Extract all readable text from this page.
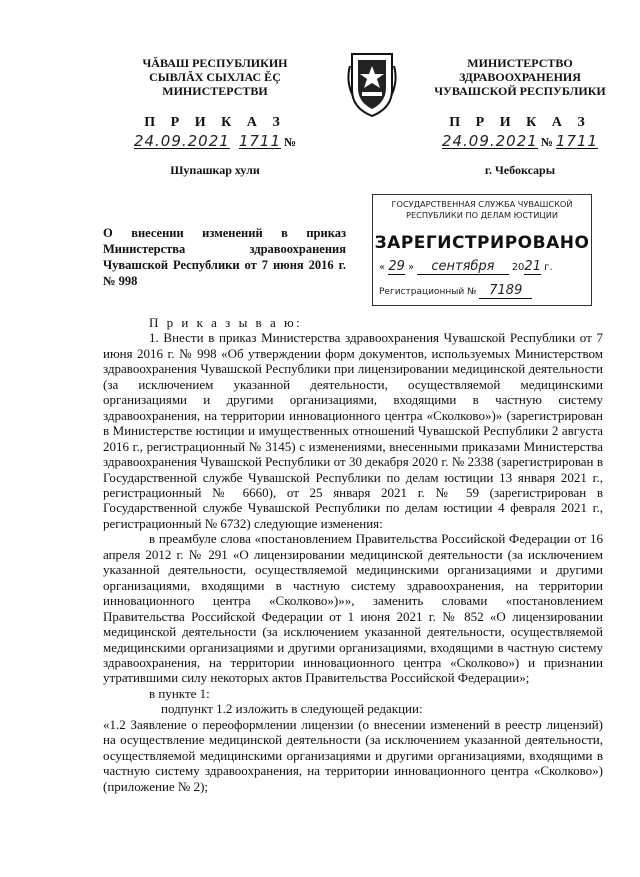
ЧĂВАШ РЕСПУБЛИКИН
СЫВЛĂХ СЫХЛАС ĔÇ
МИНИСТЕРСТВИ
П Р И К А З
24.09.2021 1711 №
Шупашкар хули
МИНИСТЕРСТВО
ЗДРАВООХРАНЕНИЯ
ЧУВАШСКОЙ РЕСПУБЛИКИ
П Р И К А З
24.09.2021 № 1711
г. Чебоксары
О внесении изменений в приказ Министерства здравоохранения Чувашской Республики от 7 июня 2016 г. № 998
ГОСУДАРСТВЕННАЯ СЛУЖБА ЧУВАШСКОЙ
РЕСПУБЛИКИ ПО ДЕЛАМ ЮСТИЦИИ
ЗАРЕГИСТРИРОВАНО
« 29 » сентября 2021 г.
Регистрационный № 7189

П р и к а з ы в а ю:

1. Внести в приказ Министерства здравоохранения Чувашской Республики от 7 июня 2016 г. № 998 «Об утверждении форм документов, используемых Министерством здравоохранения Чувашской Республики при лицензировании медицинской деятельности (за исключением указанной деятельности, осуществляемой медицинскими организациями и другими организациями, входящими в частную систему здравоохранения, на территории инновационного центра «Сколково»)» (зарегистрирован в Министерстве юстиции и имущественных отношений Чувашской Республики 2 августа 2016 г., регистрационный № 3145) с изменениями, внесенными приказами Министерства здравоохранения Чувашской Республики от 30 декабря 2020 г. № 2338 (зарегистрирован в Государственной службе Чувашской Республики по делам юстиции 13 января 2021 г., регистрационный № 6660), от 25 января 2021 г. № 59 (зарегистрирован в Государственной службе Чувашской Республики по делам юстиции 4 февраля 2021 г., регистрационный № 6732) следующие изменения:

в преамбуле слова «постановлением Правительства Российской Федерации от 16 апреля 2012 г. № 291 «О лицензировании медицинской деятельности (за исключением указанной деятельности, осуществляемой медицинскими организациями и другими организациями, входящими в частную систему здравоохранения, на территории инновационного центра «Сколково»)»», заменить словами «постановлением Правительства Российской Федерации от 1 июня 2021 г. № 852 «О лицензировании медицинской деятельности (за исключением указанной деятельности, осуществляемой медицинскими организациями и другими организациями, входящими в частную систему здравоохранения, на территории инновационного центра «Сколково») и признании утратившими силу некоторых актов Правительства Российской Федерации»;

в пункте 1:

подпункт 1.2 изложить в следующей редакции:

«1.2 Заявление о переоформлении лицензии (о внесении изменений в реестр лицензий) на осуществление медицинской деятельности (за исключением указанной деятельности, осуществляемой медицинскими организациями и другими организациями, входящими в частную систему здравоохранения, на территории инновационного центра «Сколково») (приложение № 2);
